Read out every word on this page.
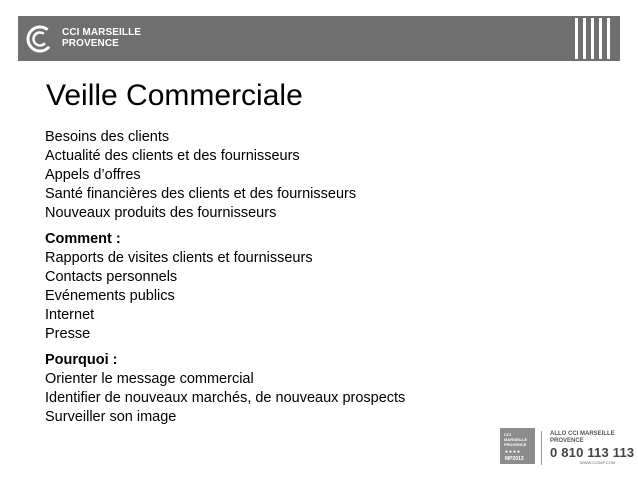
CCI MARSEILLE
PROVENCE
Veille Commerciale
Besoins des clients
Actualité des clients et des fournisseurs
Appels d’offres
Santé financières des clients et des fournisseurs
Nouveaux produits des fournisseurs
Comment :
Rapports de visites clients et fournisseurs
Contacts personnels
Evénements publics
Internet
Presse
Pourquoi :
Orienter le message commercial
Identifier de nouveaux marchés, de nouveaux prospects
Surveiller son image
CCI
MARSEILLE
PROVENCE
●●●●
MP2013
ALLO CCI MARSEILLE PROVENCE
0 810 113 113
WWW.CCIMP.COM
